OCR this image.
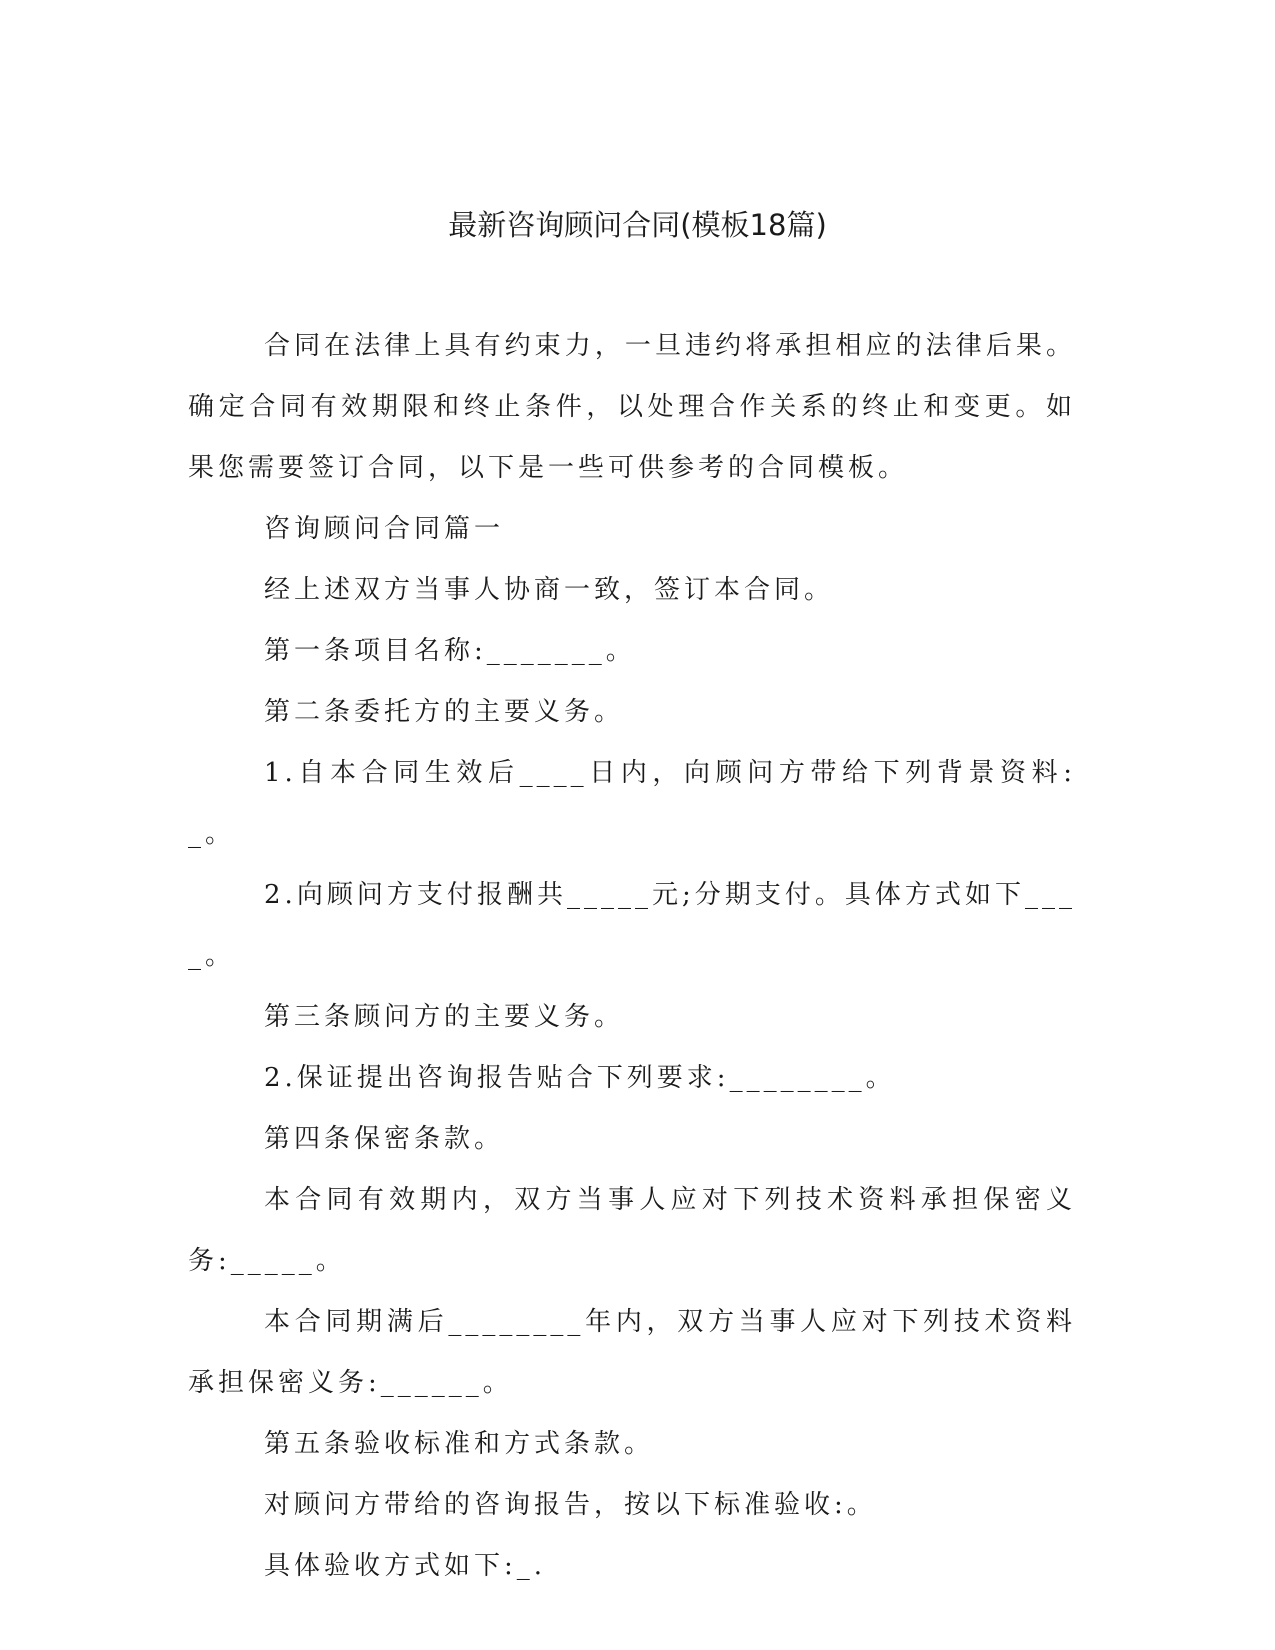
最新咨询顾问合同(模板18篇)

合同在法律上具有约束力，一旦违约将承担相应的法律后果。确定合同有效期限和终止条件，以处理合作关系的终止和变更。如果您需要签订合同，以下是一些可供参考的合同模板。

咨询顾问合同篇一

经上述双方当事人协商一致，签订本合同。

第一条项目名称:_______。

第二条委托方的主要义务。

1.自本合同生效后____日内，向顾问方带给下列背景资料:_。

2.向顾问方支付报酬共_____元;分期支付。具体方式如下____。

第三条顾问方的主要义务。

2.保证提出咨询报告贴合下列要求:________。

第四条保密条款。

本合同有效期内，双方当事人应对下列技术资料承担保密义务:_____。

本合同期满后________年内，双方当事人应对下列技术资料承担保密义务:______。

第五条验收标准和方式条款。

对顾问方带给的咨询报告，按以下标准验收:。

具体验收方式如下:_.
